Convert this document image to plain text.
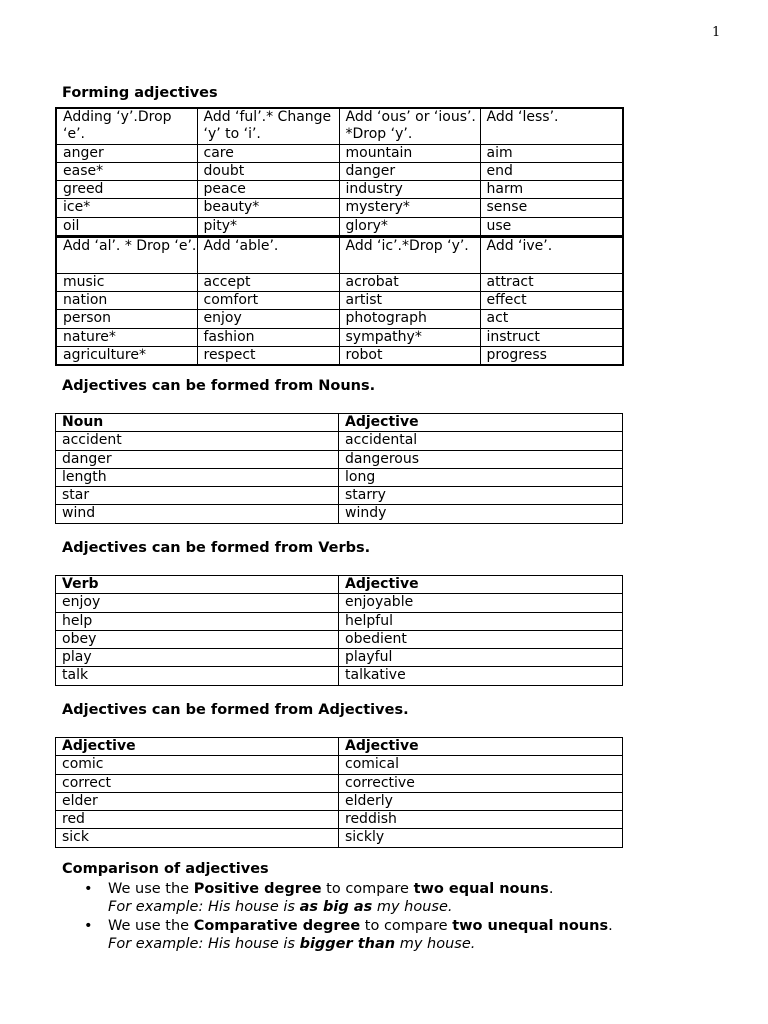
1
Forming adjectives
Adding ‘y’.Drop ‘e’.	Add ‘ful’.* Change ‘y’ to ‘i’.	Add ‘ous’ or ‘ious’. *Drop ‘y’.	Add ‘less’.
anger	care	mountain	aim
ease*	doubt	danger	end
greed	peace	industry	harm
ice*	beauty*	mystery*	sense
oil	pity*	glory*	use
Add ‘al’. * Drop ‘e’.	Add ‘able’.	Add ‘ic’.*Drop ‘y’.	Add ‘ive’.
music	accept	acrobat	attract
nation	comfort	artist	effect
person	enjoy	photograph	act
nature*	fashion	sympathy*	instruct
agriculture*	respect	robot	progress
Adjectives can be formed from Nouns.
Noun	Adjective
accident	accidental
danger	dangerous
length	long
star	starry
wind	windy
Adjectives can be formed from Verbs.
Verb	Adjective
enjoy	enjoyable
help	helpful
obey	obedient
play	playful
talk	talkative
Adjectives can be formed from Adjectives.
Adjective	Adjective
comic	comical
correct	corrective
elder	elderly
red	reddish
sick	sickly
Comparison of adjectives
• We use the Positive degree to compare two equal nouns.
For example: His house is as big as my house.
• We use the Comparative degree to compare two unequal nouns.
For example: His house is bigger than my house.
